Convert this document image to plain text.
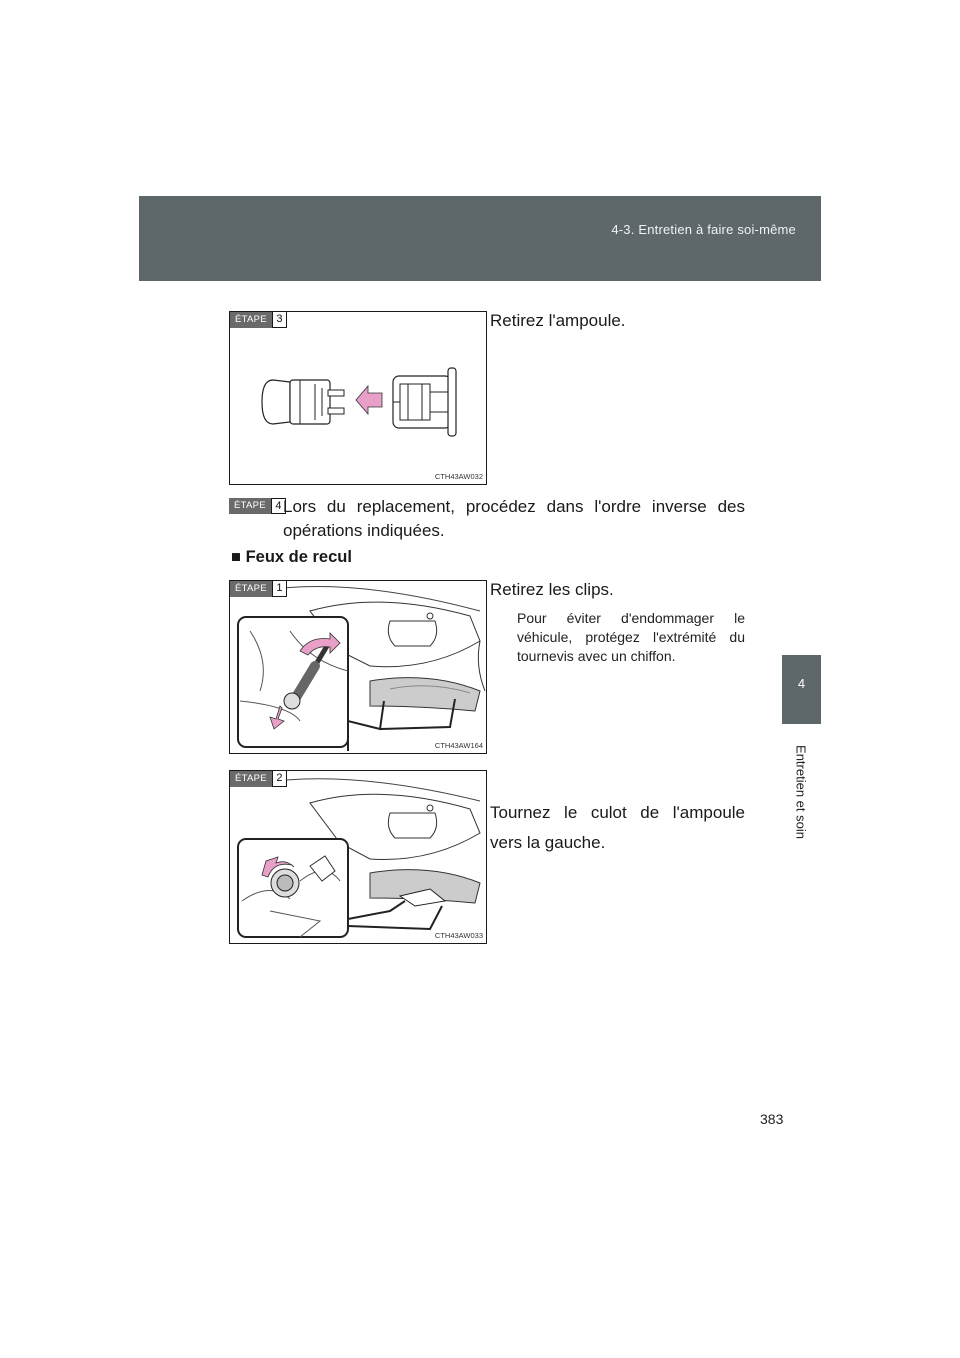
4-3. Entretien à faire soi-même
4
Entretien et soin
ÉTAPE 3
CTH43AW032
Retirez l'ampoule.
ÉTAPE 4 Lors du replacement, procédez dans l'ordre inverse des opérations indiquées.
■ Feux de recul
ÉTAPE 1
CTH43AW164
Retirez les clips.
Pour éviter d'endommager le véhicule, protégez l'extrémité du tournevis avec un chiffon.
ÉTAPE 2
CTH43AW033
Tournez le culot de l'ampoule vers la gauche.
383
